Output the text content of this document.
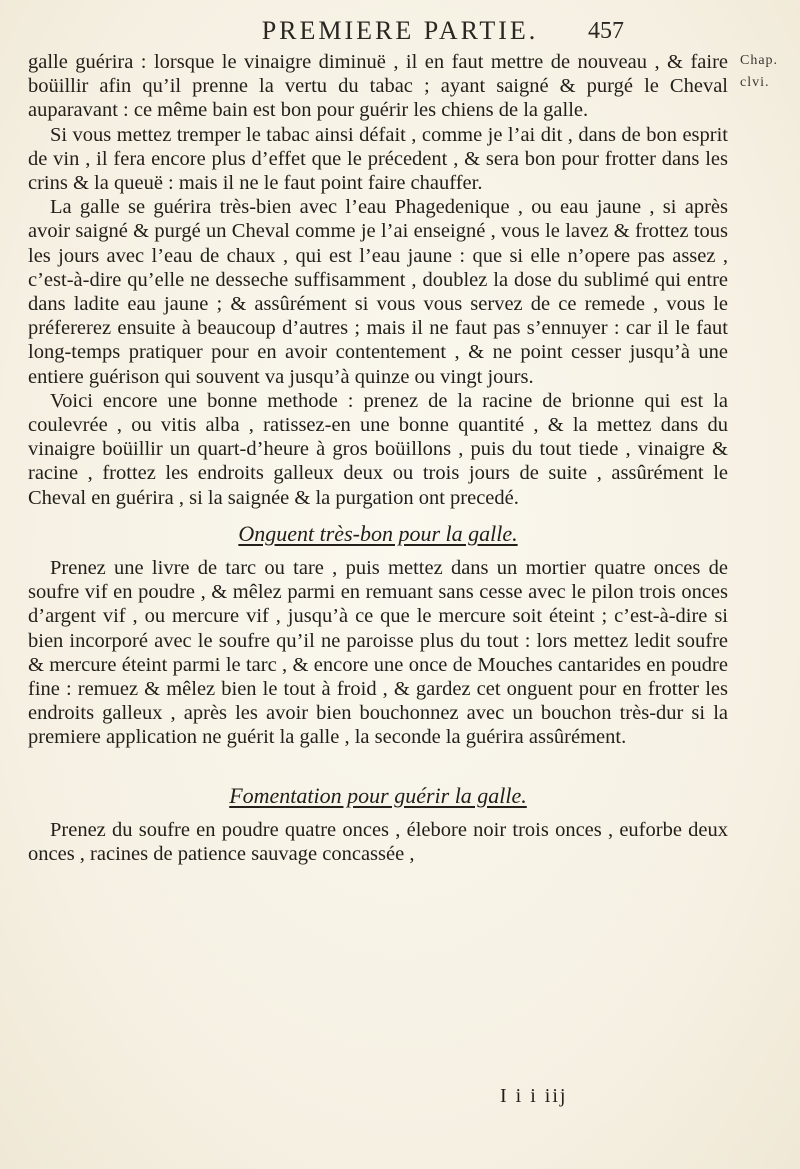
PREMIERE PARTIE.	457
Chap.
clvi.

galle guérira : lorsque le vinaigre diminuë , il en faut mettre de nouveau , & faire boüillir afin qu’il prenne la vertu du tabac ; ayant saigné & purgé le Cheval auparavant : ce même bain est bon pour guérir les chiens de la galle.

Si vous mettez tremper le tabac ainsi défait , comme je l’ai dit , dans de bon esprit de vin , il fera encore plus d’effet que le précedent , & sera bon pour frotter dans les crins & la queuë : mais il ne le faut point faire chauffer.

La galle se guérira très-bien avec l’eau Phagedenique , ou eau jaune , si après avoir saigné & purgé un Cheval comme je l’ai enseigné , vous le lavez & frottez tous les jours avec l’eau de chaux , qui est l’eau jaune : que si elle n’opere pas assez , c’est-à-dire qu’elle ne desseche suffisamment , doublez la dose du sublimé qui entre dans ladite eau jaune ; & assûrément si vous vous servez de ce remede , vous le préfererez ensuite à beaucoup d’autres ; mais il ne faut pas s’ennuyer : car il le faut long-temps pratiquer pour en avoir contentement , & ne point cesser jusqu’à une entiere guérison qui souvent va jusqu’à quinze ou vingt jours.

Voici encore une bonne methode : prenez de la racine de brionne qui est la coulevrée , ou vitis alba , ratissez-en une bonne quantité , & la mettez dans du vinaigre boüillir un quart-d’heure à gros boüillons , puis du tout tiede , vinaigre & racine , frottez les endroits galleux deux ou trois jours de suite , assûrément le Cheval en guérira , si la saignée & la purgation ont precedé.

Onguent très-bon pour la galle.

Prenez une livre de tarc ou tare , puis mettez dans un mortier quatre onces de soufre vif en poudre , & mêlez parmi en remuant sans cesse avec le pilon trois onces d’argent vif , ou mercure vif , jusqu’à ce que le mercure soit éteint ; c’est-à-dire si bien incorporé avec le soufre qu’il ne paroisse plus du tout : lors mettez ledit soufre & mercure éteint parmi le tarc , & encore une once de Mouches cantarides en poudre fine : remuez & mêlez bien le tout à froid , & gardez cet onguent pour en frotter les endroits galleux , après les avoir bien bouchonnez avec un bouchon très-dur si la premiere application ne guérit la galle , la seconde la guérira assûrément.

Fomentation pour guérir la galle.

Prenez du soufre en poudre quatre onces , élebore noir trois onces , euforbe deux onces , racines de patience sauvage concassée ,

I i i iij
